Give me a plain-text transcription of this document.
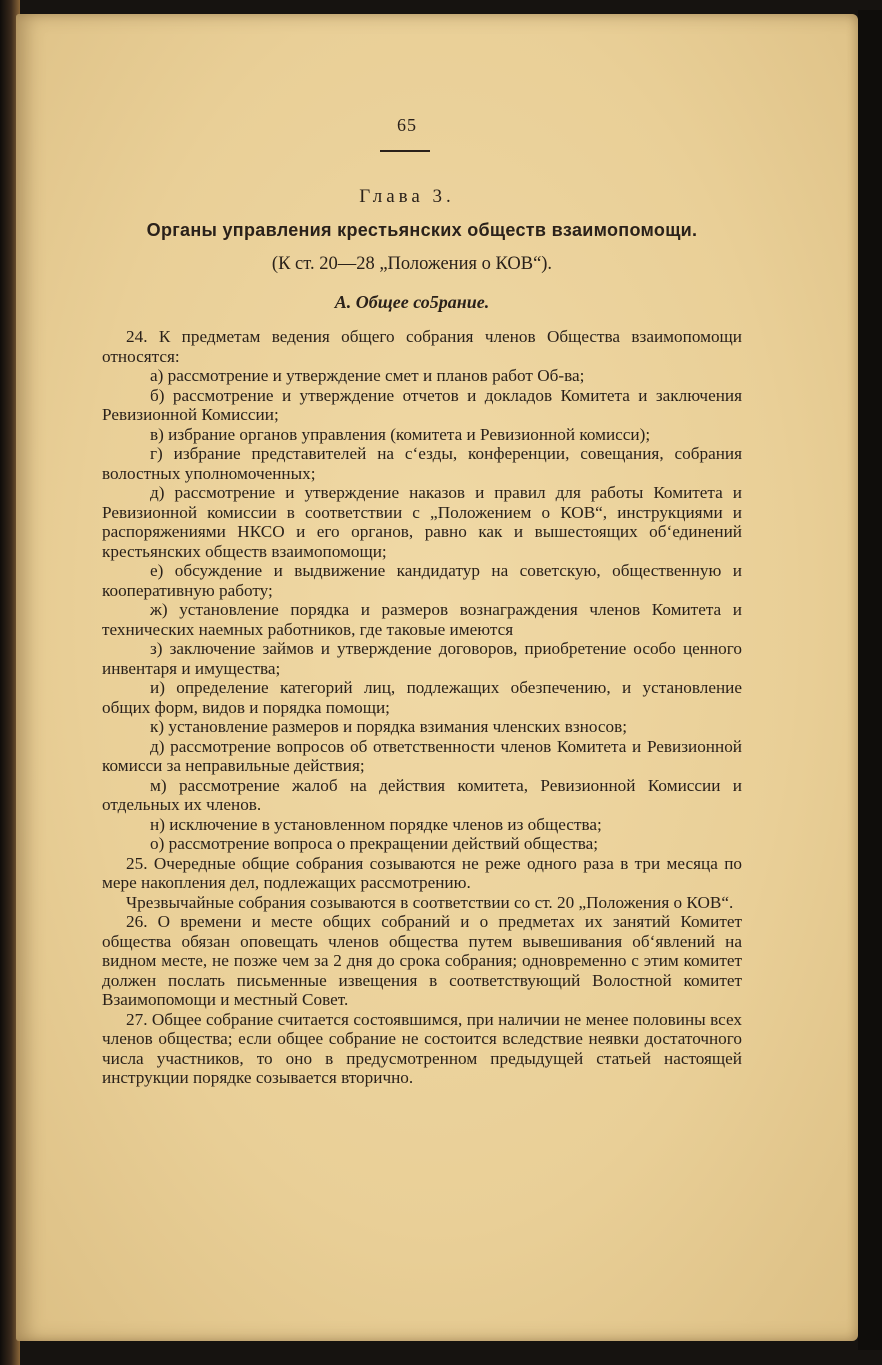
65
Глава 3.
Органы управления крестьянских обществ взаимопомощи.
(К ст. 20—28 „Положения о КОВ“).
А. Общее со5рание.

24. К предметам ведения общего собрания членов Общества взаимопомощи относятся:

а) рассмотрение и утверждение смет и планов работ Об-ва;

б) рассмотрение и утверждение отчетов и докладов Комитета и заключения Ревизионной Комиссии;

в) избрание органов управления (комитета и Ревизионной комисси);

г) избрание представителей на с‘езды, конференции, совещания, собрания волостных уполномоченных;

д) рассмотрение и утверждение наказов и правил для работы Комитета и Ревизионной комиссии в соответствии с „Положением о КОВ“, инструкциями и распоряжениями НКСО и его органов, равно как и вышестоящих об‘единений крестьянских обществ взаимопомощи;

е) обсуждение и выдвижение кандидатур на советскую, общественную и кооперативную работу;

ж) установление порядка и размеров вознаграждения членов Комитета и технических наемных работников, где таковые имеются

з) заключение займов и утверждение договоров, приобретение особо ценного инвентаря и имущества;

и) определение категорий лиц, подлежащих обезпечению, и установление общих форм, видов и порядка помощи;

к) установление размеров и порядка взимания членских взносов;

д) рассмотрение вопросов об ответственности членов Комитета и Ревизионной комисси за неправильные действия;

м) рассмотрение жалоб на действия комитета, Ревизионной Комиссии и отдельных их членов.

н) исключение в установленном порядке членов из общества;

о) рассмотрение вопроса о прекращении действий общества;

25. Очередные общие собрания созываются не реже одного раза в три месяца по мере накопления дел, подлежащих рассмотрению.

Чрезвычайные собрания созываются в соответствии со ст. 20 „Положения о КОВ“.

26. О времени и месте общих собраний и о предметах их занятий Комитет общества обязан оповещать членов общества путем вывешивания об‘явлений на видном месте, не позже чем за 2 дня до срока собрания; одновременно с этим комитет должен послать письменные извещения в соответствующий Волостной комитет Взаимопомощи и местный Совет.

27. Общее собрание считается состоявшимся, при наличии не менее половины всех членов общества; если общее собрание не состоится вследствие неявки достаточного числа участников, то оно в предусмотренном предыдущей статьей настоящей инструкции порядке созывается вторично.
